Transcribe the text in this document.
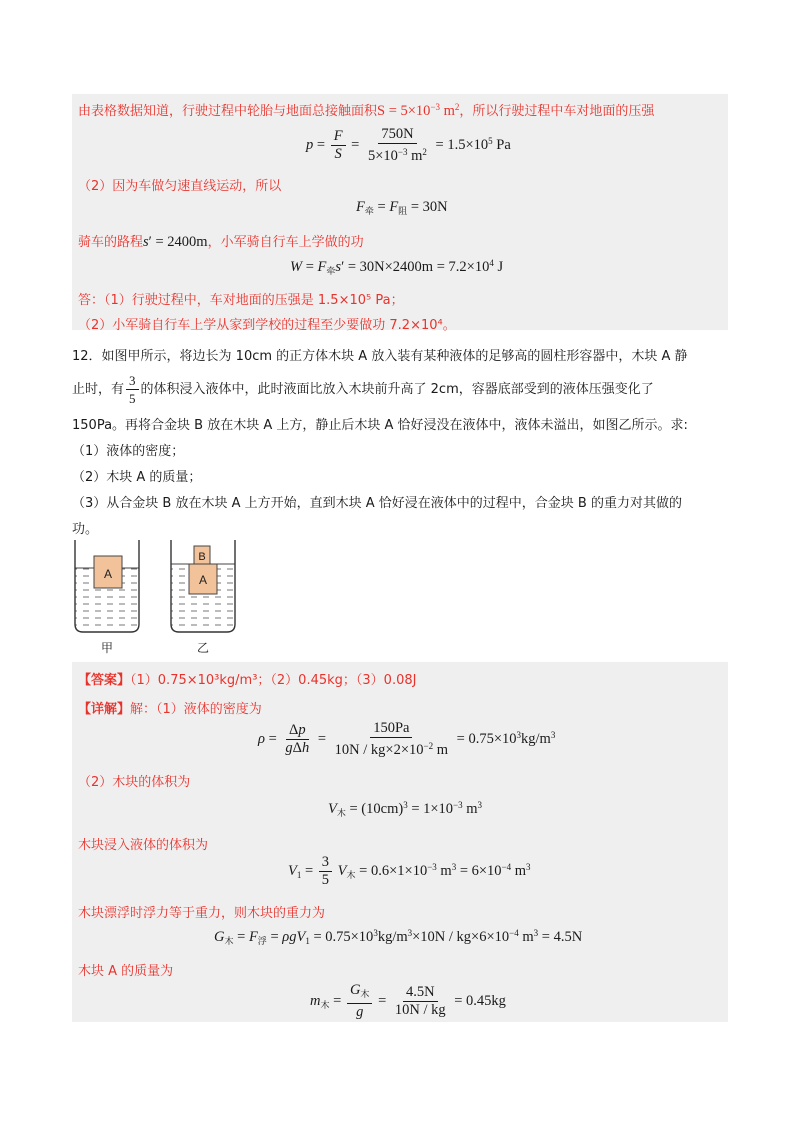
由表格数据知道，行驶过程中轮胎与地面总接触面积$S = 5\times 10^{-3}$ $m^2$，所以行驶过程中车对地面的压强
$p = \frac{F}{S} = \frac{750N}{5\times 10^{-3} m^2} = 1.5\times 10^5$ Pa
（2）因为车做匀速直线运动，所以
$F_牵 = F_阻 = 30N$
骑车的路程s′ = 2400m，小军骑自行车上学做的功
$W = F_牵s' = 30N\times 2400m = 7.2\times 10^4$ J
答：（1）行驶过程中，车对地面的压强是 1.5×10⁵ Pa；
（2）小军骑自行车上学从家到学校的过程至少要做功 7.2×10⁴。
12．如图甲所示，将边长为 10cm 的正方体木块 A 放入装有某种液体的足够高的圆柱形容器中，木块 A 静
止时，有 $\frac{3}{5}$ 的体积浸入液体中，此时液面比放入木块前升高了 2cm，容器底部受到的液体压强变化了
150Pa。再将合金块 B 放在木块 A 上方，静止后木块 A 恰好浸没在液体中，液体未溢出，如图乙所示。求:
（1）液体的密度；
（2）木块 A 的质量；
（3）从合金块 B 放在木块 A 上方开始，直到木块 A 恰好浸在液体中的过程中，合金块 B 的重力对其做的
功。
A	A
B
甲	乙
【答案】（1）0.75×10³kg/m³；（2）0.45kg；（3）0.08J
【详解】解：（1）液体的密度为
$\rho = \frac{\Delta p}{\text{gΔh}} = \frac{150Pa}{10N / kg\times 2\times 10^{-2} m} = 0.75\times 10^3kg/m^3$
（2）木块的体积为
$V_木 = (10cm)^3 = 1\times 10^{-3}$ $m^3$
木块浸入液体的体积为
$V_1 = \frac{3}{5} V_木 = 0.6\times 1\times 10^{-3}$ $m^3 = 6\times 10^{-4}$ $m^3$
木块漂浮时浮力等于重力，则木块的重力为
$G_木 = F_浮 = \rho gV_1 = 0.75\times 10^3kg/m^3\times 10N / kg\times 6\times 10^{-4}$ $m^3 = 4.5N$
木块 A 的质量为
$m_木 = \frac{G_木}{g} = \frac{4.5N}{10N / kg} = 0.45kg$
